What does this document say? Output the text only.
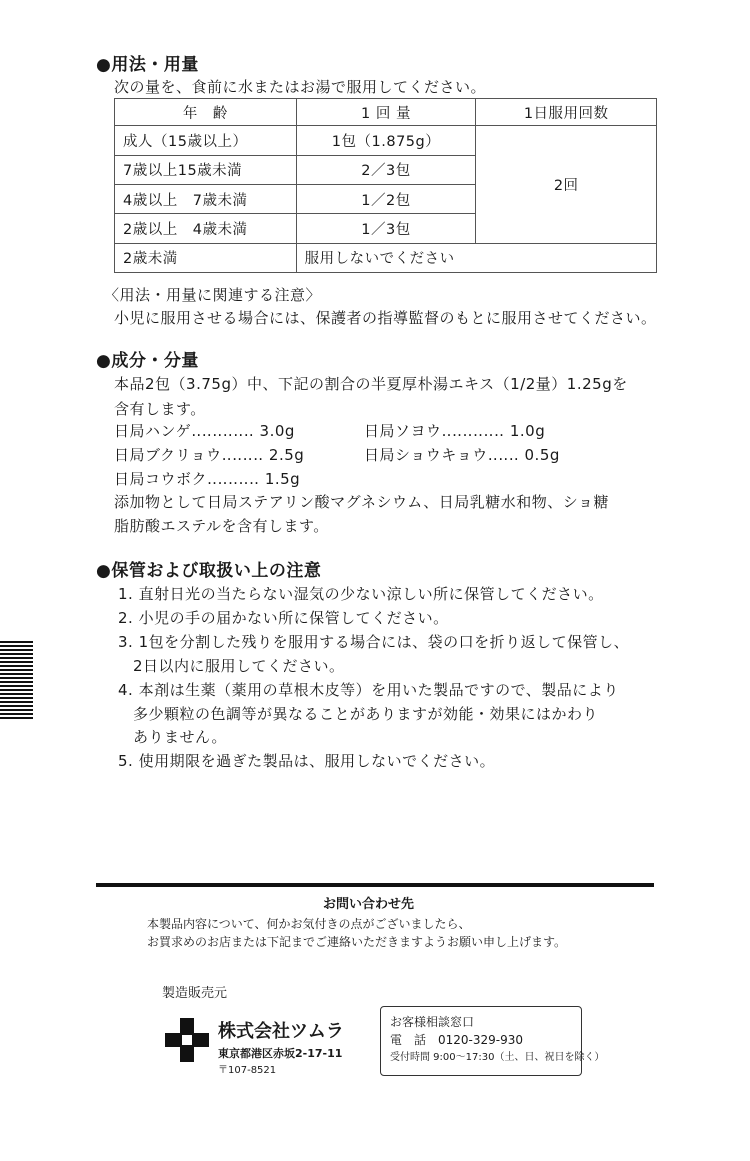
●用法・用量
次の量を、食前に水またはお湯で服用してください。
年　齢	1 回 量	1日服用回数
成人（15歳以上）	1包（1.875g）	2回
7歳以上15歳未満	2／3包	
4歳以上　7歳未満	1／2包	
2歳以上　4歳未満	1／3包	
2歳未満	服用しないでください	
〈用法・用量に関連する注意〉
小児に服用させる場合には、保護者の指導監督のもとに服用させてください。
●成分・分量
本品2包（3.75g）中、下記の割合の半夏厚朴湯エキス（1/2量）1.25gを
含有します。
日局ハンゲ‥‥‥‥‥‥ 3.0g	日局ソヨウ‥‥‥‥‥‥ 1.0g
日局ブクリョウ‥‥‥‥ 2.5g	日局ショウキョウ‥‥‥ 0.5g
日局コウボク‥‥‥‥‥ 1.5g
添加物として日局ステアリン酸マグネシウム、日局乳糖水和物、ショ糖
脂肪酸エステルを含有します。
●保管および取扱い上の注意
1. 直射日光の当たらない湿気の少ない涼しい所に保管してください。
2. 小児の手の届かない所に保管してください。
3. 1包を分割した残りを服用する場合には、袋の口を折り返して保管し、
2日以内に服用してください。
4. 本剤は生薬（薬用の草根木皮等）を用いた製品ですので、製品により
多少顆粒の色調等が異なることがありますが効能・効果にはかわり
ありません。
5. 使用期限を過ぎた製品は、服用しないでください。
お問い合わせ先
本製品内容について、何かお気付きの点がございましたら、
お買求めのお店または下記までご連絡いただきますようお願い申し上げます。
製造販売元
株式会社ツムラ
東京都港区赤坂2-17-11
〒107-8521
お客様相談窓口
電　話　0120-329-930
受付時間 9:00〜17:30（土、日、祝日を除く）
